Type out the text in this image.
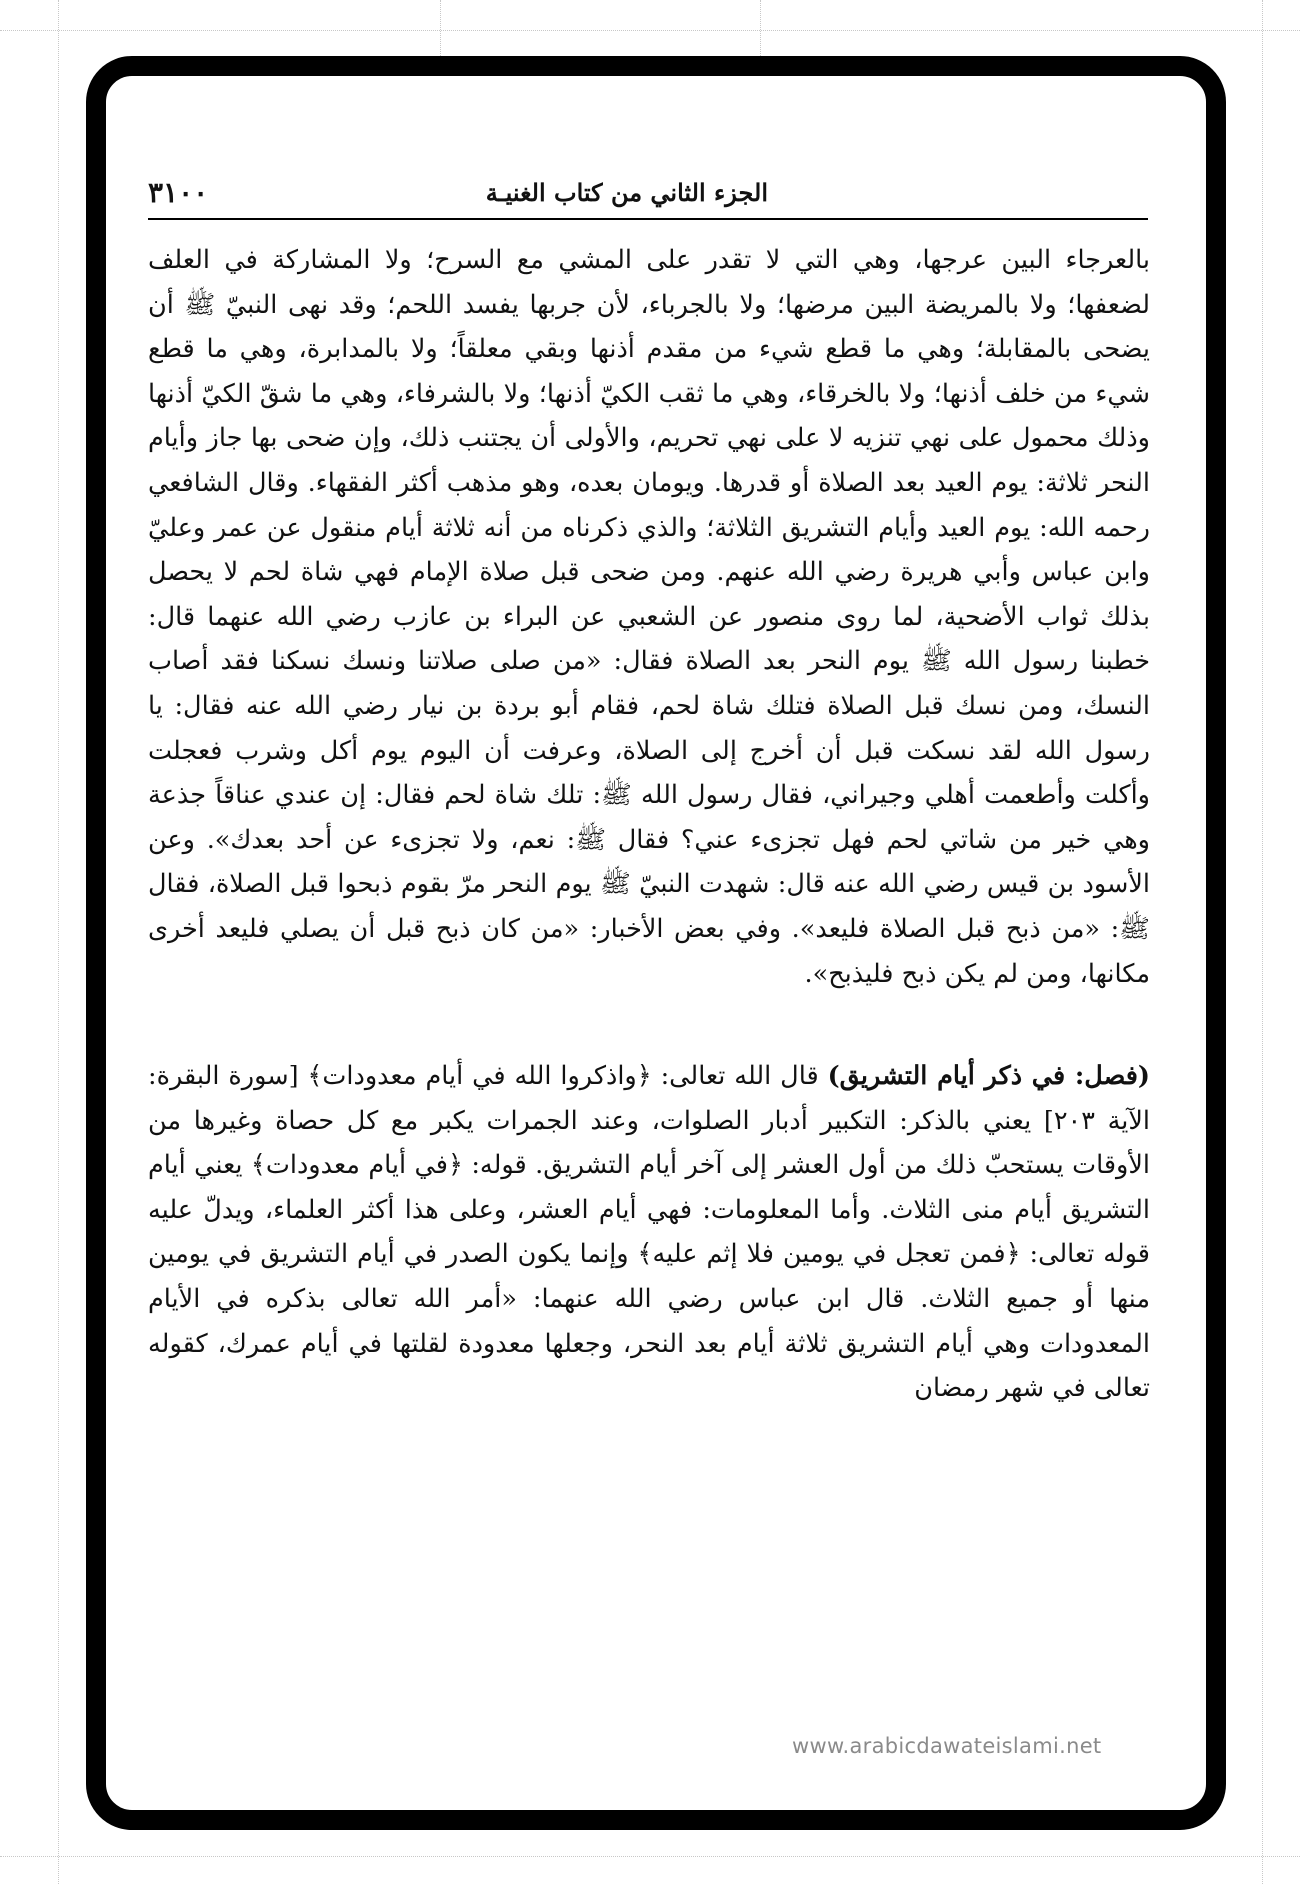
الجزء الثاني من كتاب الغنيـة
٣١٠٠

بالعرجاء البين عرجها، وهي التي لا تقدر على المشي مع السرح؛ ولا المشاركة في العلف لضعفها؛ ولا بالمريضة البين مرضها؛ ولا بالجرباء، لأن جربها يفسد اللحم؛ وقد نهى النبيّ ﷺ أن يضحى بالمقابلة؛ وهي ما قطع شيء من مقدم أذنها وبقي معلقاً؛ ولا بالمدابرة، وهي ما قطع شيء من خلف أذنها؛ ولا بالخرقاء، وهي ما ثقب الكيّ أذنها؛ ولا بالشرفاء، وهي ما شقّ الكيّ أذنها وذلك محمول على نهي تنزيه لا على نهي تحريم، والأولى أن يجتنب ذلك، وإن ضحى بها جاز وأيام النحر ثلاثة: يوم العيد بعد الصلاة أو قدرها. ويومان بعده، وهو مذهب أكثر الفقهاء. وقال الشافعي رحمه الله: يوم العيد وأيام التشريق الثلاثة؛ والذي ذكرناه من أنه ثلاثة أيام منقول عن عمر وعليّ وابن عباس وأبي هريرة رضي الله عنهم. ومن ضحى قبل صلاة الإمام فهي شاة لحم لا يحصل بذلك ثواب الأضحية، لما روى منصور عن الشعبي عن البراء بن عازب رضي الله عنهما قال: خطبنا رسول الله ﷺ يوم النحر بعد الصلاة فقال: «من صلى صلاتنا ونسك نسكنا فقد أصاب النسك، ومن نسك قبل الصلاة فتلك شاة لحم، فقام أبو بردة بن نيار رضي الله عنه فقال: يا رسول الله لقد نسكت قبل أن أخرج إلى الصلاة، وعرفت أن اليوم يوم أكل وشرب فعجلت وأكلت وأطعمت أهلي وجيراني، فقال رسول الله ﷺ: تلك شاة لحم فقال: إن عندي عناقاً جذعة وهي خير من شاتي لحم فهل تجزىء عني؟ فقال ﷺ: نعم، ولا تجزىء عن أحد بعدك». وعن الأسود بن قيس رضي الله عنه قال: شهدت النبيّ ﷺ يوم النحر مرّ بقوم ذبحوا قبل الصلاة، فقال ﷺ: «من ذبح قبل الصلاة فليعد». وفي بعض الأخبار: «من كان ذبح قبل أن يصلي فليعد أخرى مكانها، ومن لم يكن ذبح فليذبح».

(فصل: في ذكر أيام التشريق) قال الله تعالى: ﴿واذكروا الله في أيام معدودات﴾ [سورة البقرة: الآية ٢٠٣] يعني بالذكر: التكبير أدبار الصلوات، وعند الجمرات يكبر مع كل حصاة وغيرها من الأوقات يستحبّ ذلك من أول العشر إلى آخر أيام التشريق. قوله: ﴿في أيام معدودات﴾ يعني أيام التشريق أيام منى الثلاث. وأما المعلومات: فهي أيام العشر، وعلى هذا أكثر العلماء، ويدلّ عليه قوله تعالى: ﴿فمن تعجل في يومين فلا إثم عليه﴾ وإنما يكون الصدر في أيام التشريق في يومين منها أو جميع الثلاث. قال ابن عباس رضي الله عنهما: «أمر الله تعالى بذكره في الأيام المعدودات وهي أيام التشريق ثلاثة أيام بعد النحر، وجعلها معدودة لقلتها في أيام عمرك، كقوله تعالى في شهر رمضان

www.arabicdawateislami.net
